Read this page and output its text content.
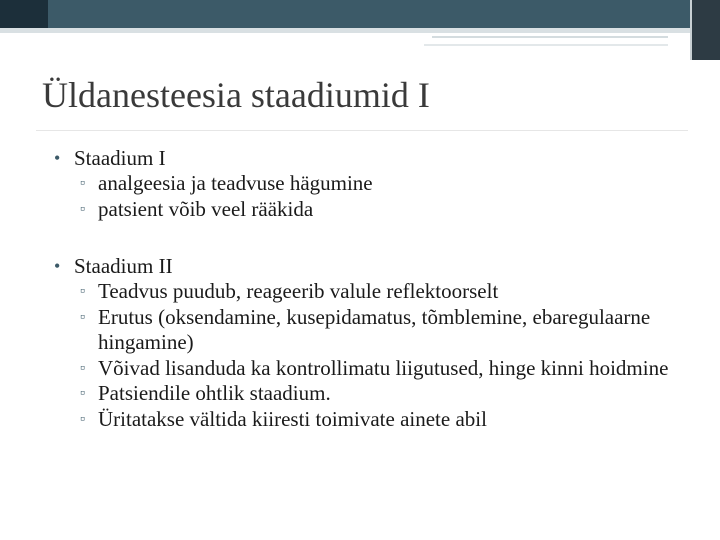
Üldanesteesia staadiumid I

• Staadium I

▫ analgeesia ja teadvuse hägumine
▫ patsient võib veel rääkida

• Staadium II

▫ Teadvus puudub, reageerib valule reflektoorselt
▫ Erutus (oksendamine, kusepidamatus, tõmblemine, ebaregulaarne hingamine)
▫ Võivad lisanduda ka kontrollimatu liigutused, hinge kinni hoidmine
▫ Patsiendile ohtlik staadium.
▫ Üritatakse vältida kiiresti toimivate ainete abil
